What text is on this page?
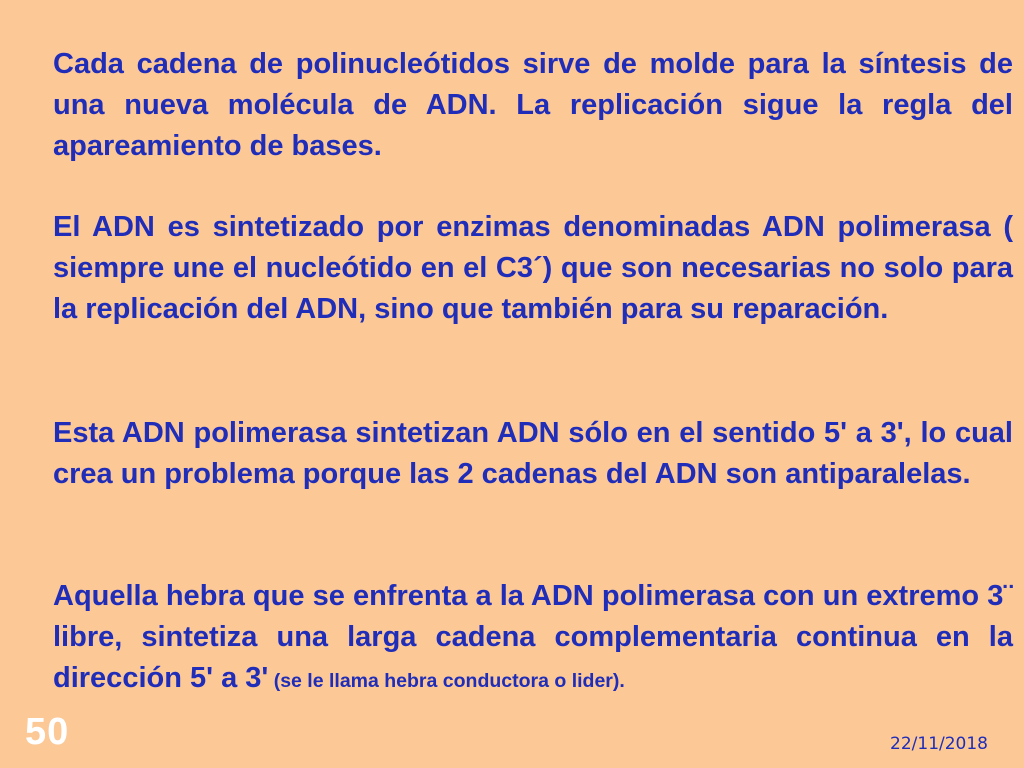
Cada cadena de polinucleótidos sirve de molde para la síntesis de una nueva molécula de ADN. La replicación sigue la regla del apareamiento de bases.

El ADN es sintetizado por enzimas denominadas ADN polimerasa ( siempre une el nucleótido en el C3´) que son necesarias no solo para la replicación del ADN, sino que también para su reparación.

Esta ADN polimerasa sintetizan ADN sólo en el sentido 5' a 3', lo cual crea un problema porque las 2 cadenas del ADN son antiparalelas.

Aquella hebra que se enfrenta a la ADN polimerasa con un extremo 3¨ libre, sintetiza una larga cadena complementaria continua en la dirección 5' a 3' (se le llama hebra conductora o lider).

50	22/11/2018
